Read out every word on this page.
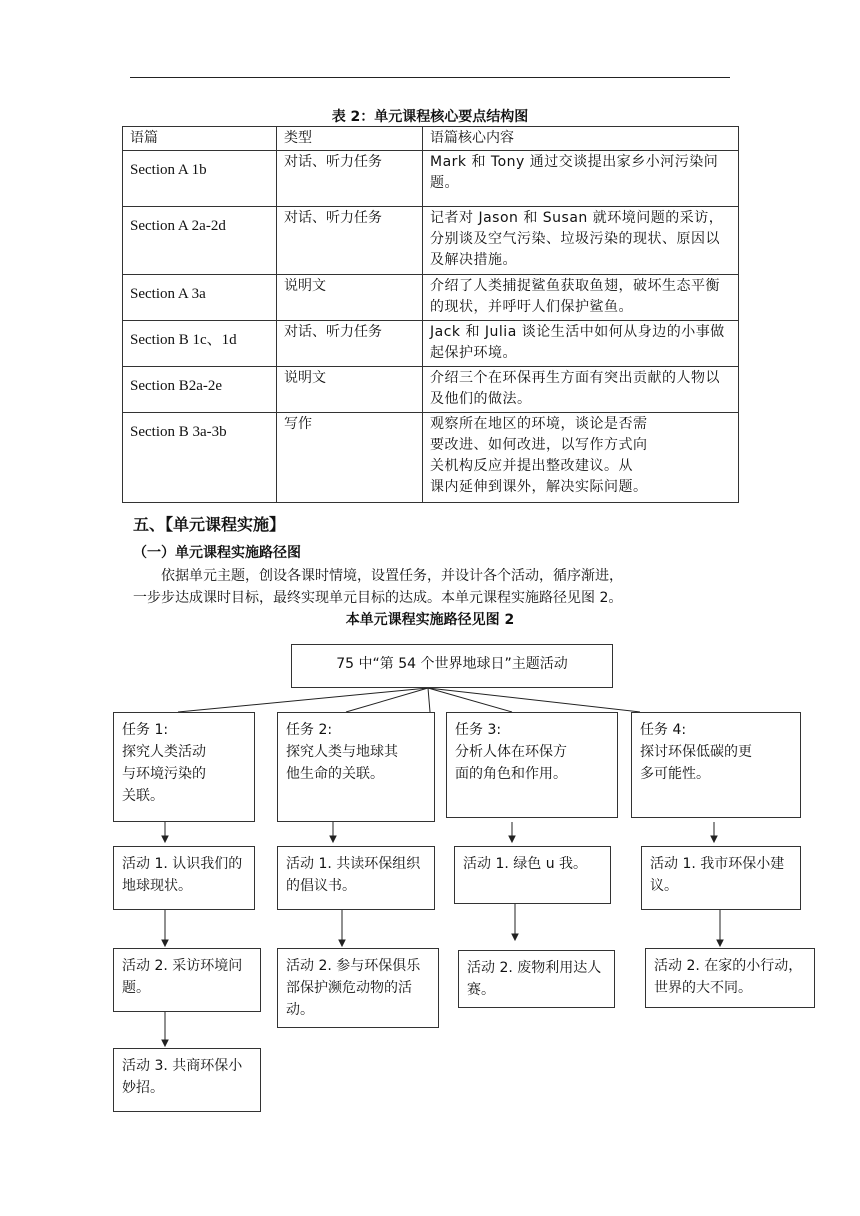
表 2：单元课程核心要点结构图
语篇	类型	语篇核心内容

Section A 1b	对话、听力任务	Mark 和 Tony 通过交谈提出家乡小河污染问题。

Section A 2a-2d	对话、听力任务	记者对 Jason 和 Susan 就环境问题的采访，分别谈及空气污染、垃圾污染的现状、原因以及解决措施。

Section A 3a	说明文	介绍了人类捕捉鲨鱼获取鱼翅，破坏生态平衡的现状，并呼吁人们保护鲨鱼。

Section B 1c、1d	对话、听力任务	Jack 和 Julia 谈论生活中如何从身边的小事做起保护环境。

Section B2a-2e	说明文	介绍三个在环保再生方面有突出贡献的人物以及他们的做法。

Section B 3a-3b	写作	观察所在地区的环境，谈论是否需
要改进、如何改进，以写作方式向
关机构反应并提出整改建议。从
课内延伸到课外，解决实际问题。
五、【单元课程实施】
（一）单元课程实施路径图
依据单元主题，创设各课时情境，设置任务，并设计各个活动，循序渐进，
一步步达成课时目标，最终实现单元目标的达成。本单元课程实施路径见图 2。
本单元课程实施路径见图 2
75 中“第 54 个世界地球日”主题活动
任务 1:
探究人类活动
与环境污染的
关联。
任务 2:
探究人类与地球其
他生命的关联。
任务 3:
分析人体在环保方
面的角色和作用。
任务 4:
探讨环保低碳的更
多可能性。
活动 1. 认识我们的地球现状。
活动 2. 采访环境问题。
活动 3. 共商环保小妙招。
活动 1. 共读环保组织的倡议书。
活动 2. 参与环保俱乐部保护濒危动物的活动。
活动 1. 绿色 u 我。
活动 2. 废物利用达人赛。
活动 1. 我市环保小建议。
活动 2. 在家的小行动，世界的大不同。
